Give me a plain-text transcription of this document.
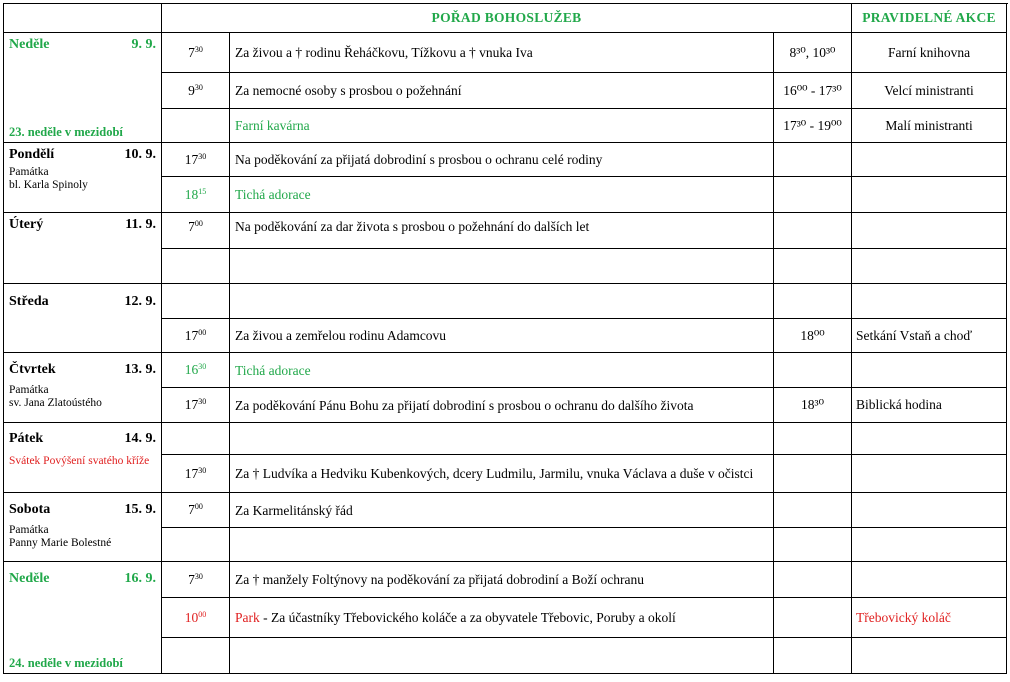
	POŘAD BOHOSLUŽEB			PRAVIDELNÉ AKCE

Neděle 9. 9.
23. neděle v mezidobí	$7^{30}$	Za živou a † rodinu Řeháčkovu, Tížkovu a † vnuka Iva	8³⁰, 10³⁰	Farní knihovna
	$9^{30}$	Za nemocné osoby s prosbou o požehnání	16⁰⁰ - 17³⁰	Velcí ministranti
		Farní kavárna	17³⁰ - 19⁰⁰	Malí ministranti

Pondělí 10. 9.
Památka
bl. Karla Spinoly	$17^{30}$	Na poděkování za přijatá dobrodiní s prosbou o ochranu celé rodiny		
	$18^{15}$	Tichá adorace		

Úterý 11. 9.	$7^{00}$	Na poděkování za dar života s prosbou o požehnání do dalších let		

Středa 12. 9.				

	$17^{00}$	Za živou a zemřelou rodinu Adamcovu	18⁰⁰	Setkání Vstaň a choď

Čtvrtek 13. 9.
Památka
sv. Jana Zlatoústého	$16^{30}$	Tichá adorace		
	$17^{30}$	Za poděkování Pánu Bohu za přijatí dobrodiní s prosbou o ochranu do dalšího života	18³⁰	Biblická hodina

Pátek 14. 9.
Svátek Povýšení svatého kříže				

	$17^{30}$	Za † Ludvíka a Hedviku Kubenkových, dcery Ludmilu, Jarmilu, vnuka Václava a duše v očistci		

Sobota 15. 9.
Památka
Panny Marie Bolestné	$7^{00}$	Za Karmelitánský řád		

Neděle 16. 9.
24. neděle v mezidobí	$7^{30}$	Za † manžely Foltýnovy na poděkování za přijatá dobrodiní a Boží ochranu		
	$10^{00}$	Park - Za účastníky Třebovického koláče a za obyvatele Třebovic, Poruby a okolí		Třebovický koláč
